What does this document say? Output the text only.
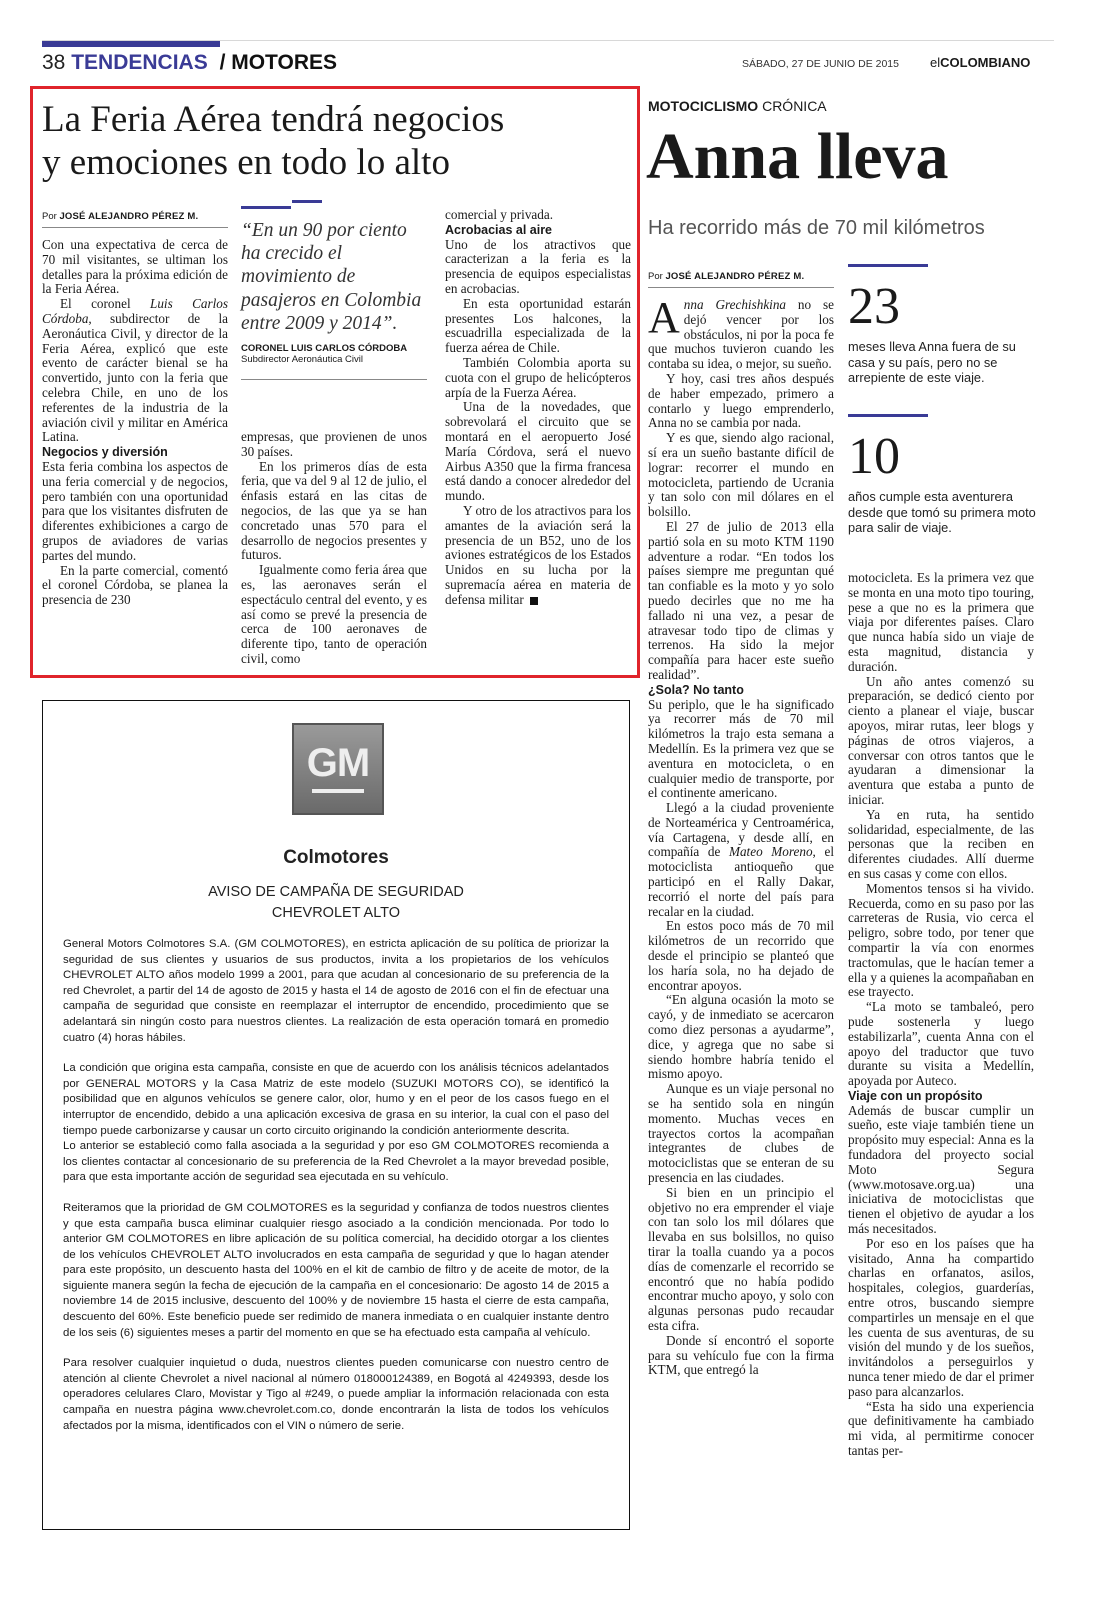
38 TENDENCIAS / MOTORES	SÁBADO, 27 DE JUNIO DE 2015 elCOLOMBIANO
La Feria Aérea tendrá negocios
y emociones en todo lo alto
Por JOSÉ ALEJANDRO PÉREZ M.

Con una expectativa de cerca de 70 mil visitantes, se ultiman los detalles para la próxima edición de la Feria Aérea.

El coronel Luis Carlos Córdoba, subdirector de la Aeronáutica Civil, y director de la Feria Aérea, explicó que este evento de carácter bienal se ha convertido, junto con la feria que celebra Chile, en uno de los referentes de la industria de la aviación civil y militar en América Latina.

Negocios y diversión

Esta feria combina los aspectos de una feria comercial y de negocios, pero también con una oportunidad para que los visitantes disfruten de diferentes exhibiciones a cargo de grupos de aviadores de varias partes del mundo.

En la parte comercial, comentó el coronel Córdoba, se planea la presencia de 230

“En un 90 por ciento ha crecido el movimiento de pasajeros en Colombia entre 2009 y 2014”.
CORONEL LUIS CARLOS CÓRDOBA
Subdirector Aeronáutica Civil

empresas, que provienen de unos 30 países.

En los primeros días de esta feria, que va del 9 al 12 de julio, el énfasis estará en las citas de negocios, de las que ya se han concretado unas 570 para el desarrollo de negocios presentes y futuros.

Igualmente como feria área que es, las aeronaves serán el espectáculo central del evento, y es así como se prevé la presencia de cerca de 100 aeronaves de diferente tipo, tanto de operación civil, como

comercial y privada.

Acrobacias al aire

Uno de los atractivos que caracterizan a la feria es la presencia de equipos especialistas en acrobacias.

En esta oportunidad estarán presentes Los halcones, la escuadrilla especializada de la fuerza aérea de Chile.

También Colombia aporta su cuota con el grupo de helicópteros arpía de la Fuerza Aérea.

Una de la novedades, que sobrevolará el circuito que se montará en el aeropuerto José María Córdova, será el nuevo Airbus A350 que la firma francesa está dando a conocer alrededor del mundo.

Y otro de los atractivos para los amantes de la aviación será la presencia de un B52, uno de los aviones estratégicos de los Estados Unidos en su lucha por la supremacía aérea en materia de defensa militar

GM
Colmotores
AVISO DE CAMPAÑA DE SEGURIDAD
CHEVROLET ALTO

General Motors Colmotores S.A. (GM COLMOTORES), en estricta aplicación de su política de priorizar la seguridad de sus clientes y usuarios de sus productos, invita a los propietarios de los vehículos CHEVROLET ALTO años modelo 1999 a 2001, para que acudan al concesionario de su preferencia de la red Chevrolet, a partir del 14 de agosto de 2015 y hasta el 14 de agosto de 2016 con el fin de efectuar una campaña de seguridad que consiste en reemplazar el interruptor de encendido, procedimiento que se adelantará sin ningún costo para nuestros clientes. La realización de esta operación tomará en promedio cuatro (4) horas hábiles.

La condición que origina esta campaña, consiste en que de acuerdo con los análisis técnicos adelantados por GENERAL MOTORS y la Casa Matriz de este modelo (SUZUKI MOTORS CO), se identificó la posibilidad que en algunos vehículos se genere calor, olor, humo y en el peor de los casos fuego en el interruptor de encendido, debido a una aplicación excesiva de grasa en su interior, la cual con el paso del tiempo puede carbonizarse y causar un corto circuito originando la condición anteriormente descrita.

Lo anterior se estableció como falla asociada a la seguridad y por eso GM COLMOTORES recomienda a los clientes contactar al concesionario de su preferencia de la Red Chevrolet a la mayor brevedad posible, para que esta importante acción de seguridad sea ejecutada en su vehículo.

Reiteramos que la prioridad de GM COLMOTORES es la seguridad y confianza de todos nuestros clientes y que esta campaña busca eliminar cualquier riesgo asociado a la condición mencionada. Por todo lo anterior GM COLMOTORES en libre aplicación de su política comercial, ha decidido otorgar a los clientes de los vehículos CHEVROLET ALTO involucrados en esta campaña de seguridad y que lo hagan atender para este propósito, un descuento hasta del 100% en el kit de cambio de filtro y de aceite de motor, de la siguiente manera según la fecha de ejecución de la campaña en el concesionario: De agosto 14 de 2015 a noviembre 14 de 2015 inclusive, descuento del 100% y de noviembre 15 hasta el cierre de esta campaña, descuento del 60%. Este beneficio puede ser redimido de manera inmediata o en cualquier instante dentro de los seis (6) siguientes meses a partir del momento en que se ha efectuado esta campaña al vehículo.

Para resolver cualquier inquietud o duda, nuestros clientes pueden comunicarse con nuestro centro de atención al cliente Chevrolet a nivel nacional al número 018000124389, en Bogotá al 4249393, desde los operadores celulares Claro, Movistar y Tigo al #249, o puede ampliar la información relacionada con esta campaña en nuestra página www.chevrolet.com.co, donde encontrarán la lista de todos los vehículos afectados por la misma, identificados con el VIN o número de serie.

MOTOCICLISMO CRÓNICA
Anna lleva
Ha recorrido más de 70 mil kilómetros
Por JOSÉ ALEJANDRO PÉREZ M.
23
meses lleva Anna fuera de su casa y su país, pero no se arrepiente de este viaje.
10
años cumple esta aventurera desde que tomó su primera moto para salir de viaje.

Anna Grechishkina no se dejó vencer por los obstáculos, ni por la poca fe que muchos tuvieron cuando les contaba su idea, o mejor, su sueño.

Y hoy, casi tres años después de haber empezado, primero a contarlo y luego emprenderlo, Anna no se cambia por nada.

Y es que, siendo algo racional, sí era un sueño bastante difícil de lograr: recorrer el mundo en motocicleta, partiendo de Ucrania y tan solo con mil dólares en el bolsillo.

El 27 de julio de 2013 ella partió sola en su moto KTM 1190 adventure a rodar. “En todos los países siempre me preguntan qué tan confiable es la moto y yo solo puedo decirles que no me ha fallado ni una vez, a pesar de atravesar todo tipo de climas y terrenos. Ha sido la mejor compañía para hacer este sueño realidad”.

¿Sola? No tanto

Su periplo, que le ha significado ya recorrer más de 70 mil kilómetros la trajo esta semana a Medellín. Es la primera vez que se aventura en motocicleta, o en cualquier medio de transporte, por el continente americano.

Llegó a la ciudad proveniente de Norteamérica y Centroamérica, vía Cartagena, y desde allí, en compañía de Mateo Moreno, el motociclista antioqueño que participó en el Rally Dakar, recorrió el norte del país para recalar en la ciudad.

En estos poco más de 70 mil kilómetros de un recorrido que desde el principio se planteó que los haría sola, no ha dejado de encontrar apoyos.

“En alguna ocasión la moto se cayó, y de inmediato se acercaron como diez personas a ayudarme”, dice, y agrega que no sabe si siendo hombre habría tenido el mismo apoyo.

Aunque es un viaje personal no se ha sentido sola en ningún momento. Muchas veces en trayectos cortos la acompañan integrantes de clubes de motociclistas que se enteran de su presencia en las ciudades.

Si bien en un principio el objetivo no era emprender el viaje con tan solo los mil dólares que llevaba en sus bolsillos, no quiso tirar la toalla cuando ya a pocos días de comenzarle el recorrido se encontró que no había podido encontrar mucho apoyo, y solo con algunas personas pudo recaudar esta cifra.

Donde sí encontró el soporte para su vehículo fue con la firma KTM, que entregó la

motocicleta. Es la primera vez que se monta en una moto tipo touring, pese a que no es la primera que viaja por diferentes países. Claro que nunca había sido un viaje de esta magnitud, distancia y duración.

Un año antes comenzó su preparación, se dedicó ciento por ciento a planear el viaje, buscar apoyos, mirar rutas, leer blogs y páginas de otros viajeros, a conversar con otros tantos que le ayudaran a dimensionar la aventura que estaba a punto de iniciar.

Ya en ruta, ha sentido solidaridad, especialmente, de las personas que la reciben en diferentes ciudades. Allí duerme en sus casas y come con ellos.

Momentos tensos si ha vivido. Recuerda, como en su paso por las carreteras de Rusia, vio cerca el peligro, sobre todo, por tener que compartir la vía con enormes tractomulas, que le hacían temer a ella y a quienes la acompañaban en ese trayecto.

“La moto se tambaleó, pero pude sostenerla y luego estabilizarla”, cuenta Anna con el apoyo del traductor que tuvo durante su visita a Medellín, apoyada por Auteco.

Viaje con un propósito

Además de buscar cumplir un sueño, este viaje también tiene un propósito muy especial: Anna es la fundadora del proyecto social Moto Segura (www.motosave.org.ua) una iniciativa de motociclistas que tienen el objetivo de ayudar a los más necesitados.

Por eso en los países que ha visitado, Anna ha compartido charlas en orfanatos, asilos, hospitales, colegios, guarderías, entre otros, buscando siempre compartirles un mensaje en el que les cuenta de sus aventuras, de su visión del mundo y de los sueños, invitándolos a perseguirlos y nunca tener miedo de dar el primer paso para alcanzarlos.

“Esta ha sido una experiencia que definitivamente ha cambiado mi vida, al permitirme conocer tantas per-
